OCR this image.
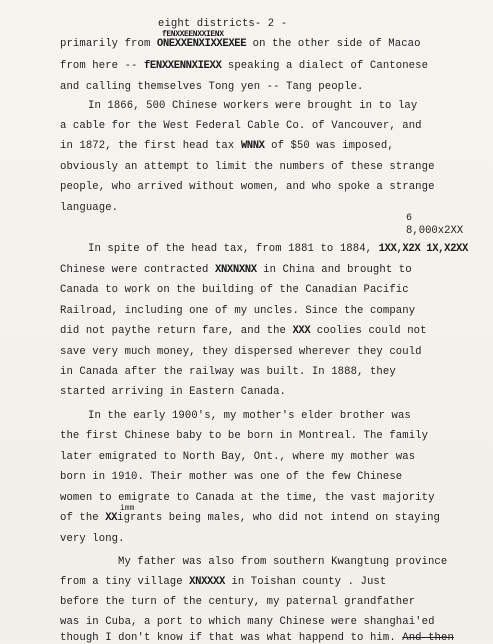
eight districts- 2 -
fENXXEENXXIENX
primarily from ONEXXENXIXXEXEE on the other side of Macao
from here -- fENXXENNXIEXX speaking a dialect of Cantonese
and calling themselves Tong yen -- Tang people.
In 1866, 500 Chinese workers were brought in to lay
a cable for the West Federal Cable Co. of Vancouver, and
in 1872, the first head tax WNNX of $50 was imposed,
obviously an attempt to limit the numbers of these strange
people, who arrived without women, and who spoke a strange
language.
6
8,000x2XX
In spite of the head tax, from 1881 to 1884, 1XX,X2X 1X,X2XX
Chinese were contracted XNXNXNX in China and brought to
Canada to work on the building of the Canadian Pacific
Railroad, including one of my uncles. Since the company
did not paythe return fare, and the XXX coolies could not
save very much money, they dispersed wherever they could
in Canada after the railway was built. In 1888, they
started arriving in Eastern Canada.
In the early 1900's, my mother's elder brother was
the first Chinese baby to be born in Montreal. The family
later emigrated to North Bay, Ont., where my mother was
born in 1910. Their mother was one of the few Chinese
women to emigrate to Canada at the time, the vast majority
imm
of the XXigrants being males, who did not intend on staying
very long.
My father was also from southern Kwangtung province
from a tiny village XNXXXX in Toishan county . Just
before the turn of the century, my paternal grandfather
was in Cuba, a port to which many Chinese were shanghai'ed
though I don't know if that was what happend to him. And then
